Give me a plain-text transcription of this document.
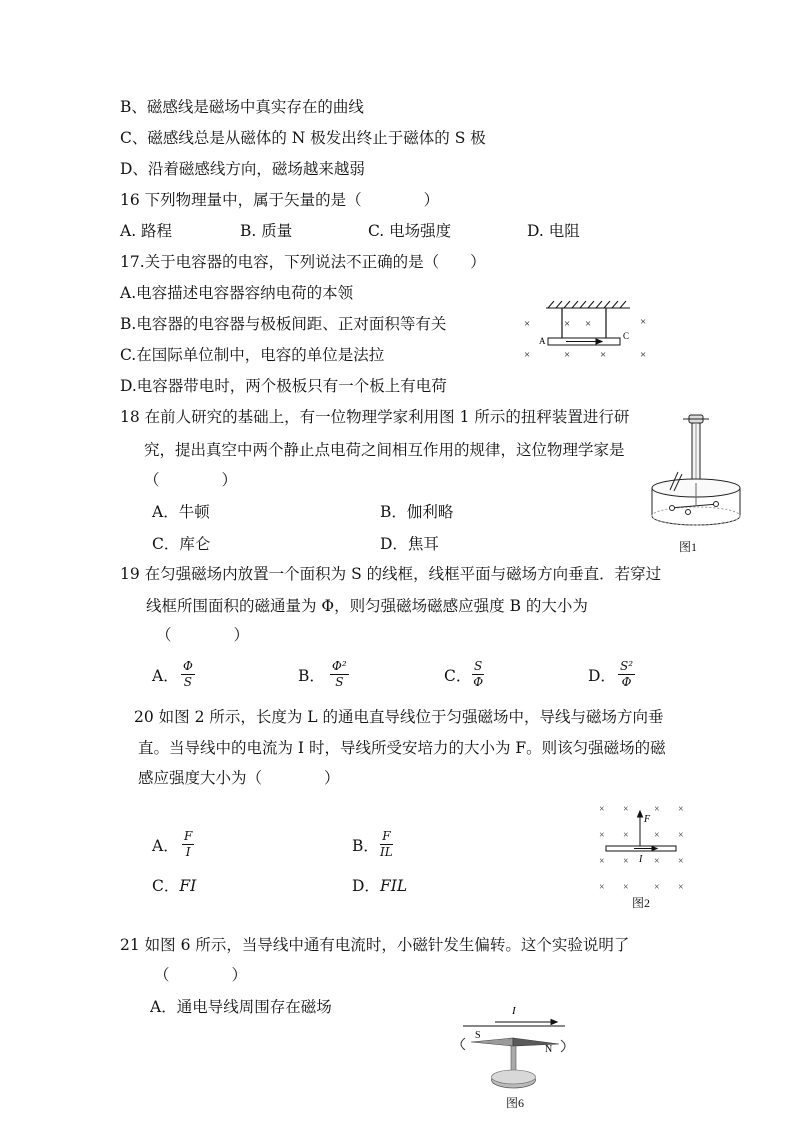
B、磁感线是磁场中真实存在的曲线
C、磁感线总是从磁体的 N 极发出终止于磁体的 S 极
D、沿着磁感线方向，磁场越来越弱
16 下列物理量中，属于矢量的是（　　　　）
A. 路程	B. 质量	C. 电场强度	D. 电阻
17.关于电容器的电容，下列说法不正确的是（　　）
A.电容描述电容器容纳电荷的本领
B.电容器的电容器与极板间距、正对面积等有关
C.在国际单位制中，电容的单位是法拉
D.电容器带电时，两个极板只有一个板上有电荷
A	C
×	× ×	×
×	×	×	×
18 在前人研究的基础上，有一位物理学家利用图 1 所示的扭秤装置进行研
究，提出真空中两个静止点电荷之间相互作用的规律，这位物理学家是
（　　　　）
A．牛顿	B．伽利略
C．库仑	D．焦耳	图1
19 在匀强磁场内放置一个面积为 S 的线框，线框平面与磁场方向垂直．若穿过
线框所围面积的磁通量为 Φ，则匀强磁场磁感应强度 B 的大小为
（　　　　）
A． $\frac{\Phi}{S}$	B． $\frac{\text{Φ²}}{S}$	C． $\frac{S}{\Phi}$	D． $\frac{\text{S²}}{\Phi}$
20 如图 2 所示，长度为 L 的通电直导线位于匀强磁场中，导线与磁场方向垂
直。当导线中的电流为 I 时，导线所受安培力的大小为 F。则该匀强磁场的磁
感应强度大小为（　　　　）
A． $\frac{F}{I}$	B． $\frac{F}{IL}$
C．FI	D．FIL
× ×	× ×
× ×	× ×
× ×	× ×
× ×	× ×
F
I
图2
21 如图 6 所示，当导线中通有电流时，小磁针发生偏转。这个实验说明了
（　　　　）
A．通电导线周围存在磁场	I
S
N
图6
